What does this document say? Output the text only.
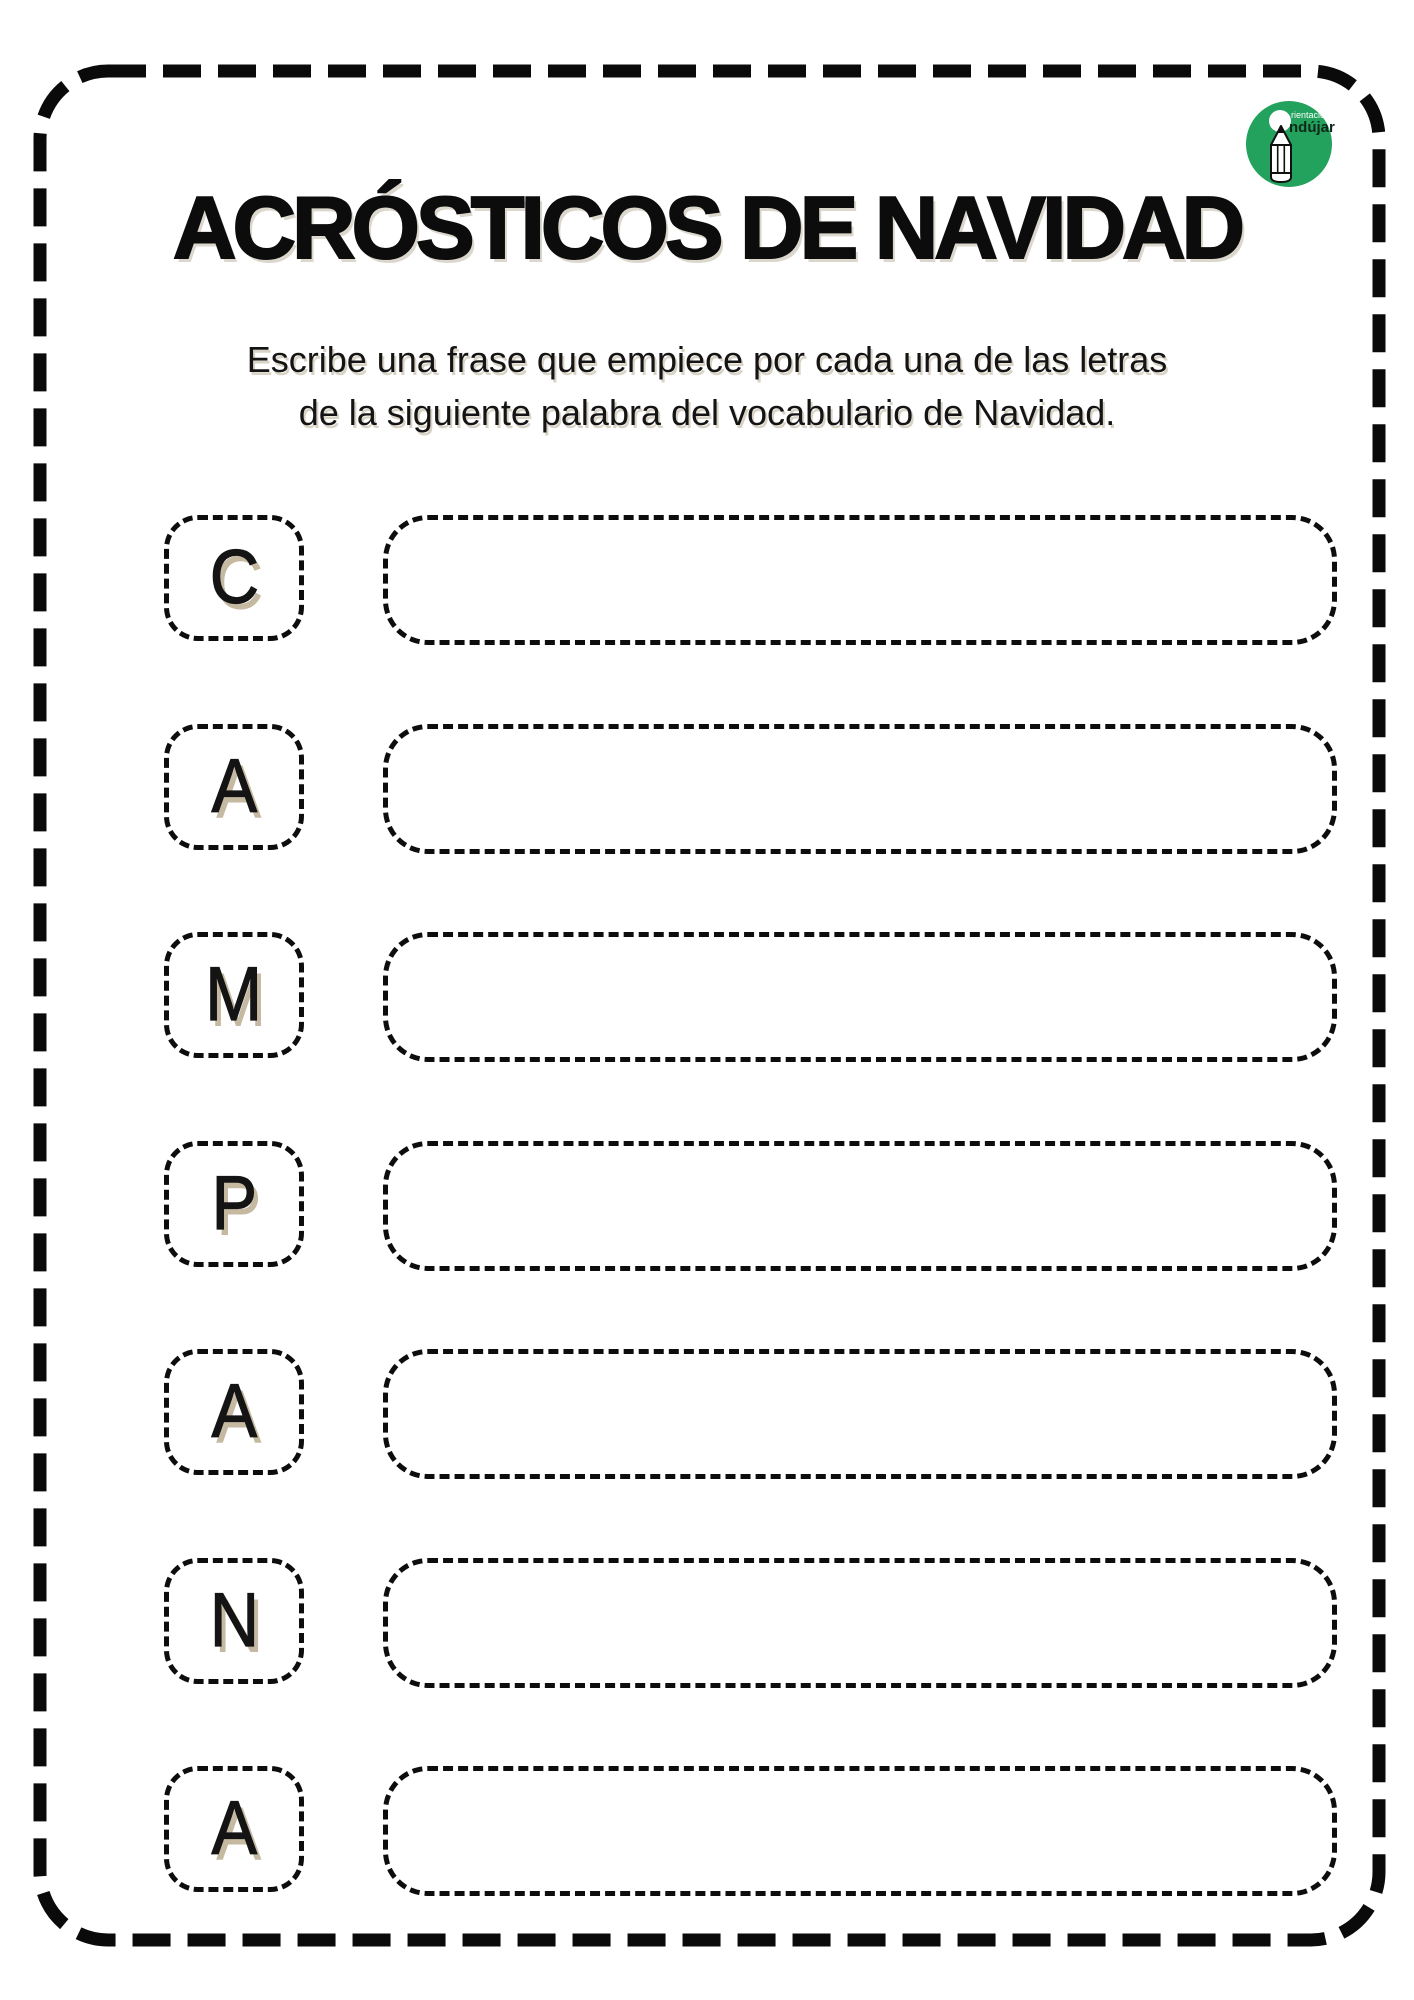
rientación
ndújar
ACRÓSTICOS DE NAVIDAD
Escribe una frase que empiece por cada una de las letras
de la siguiente palabra del vocabulario de Navidad.
C
A
M
P
A
N
A
